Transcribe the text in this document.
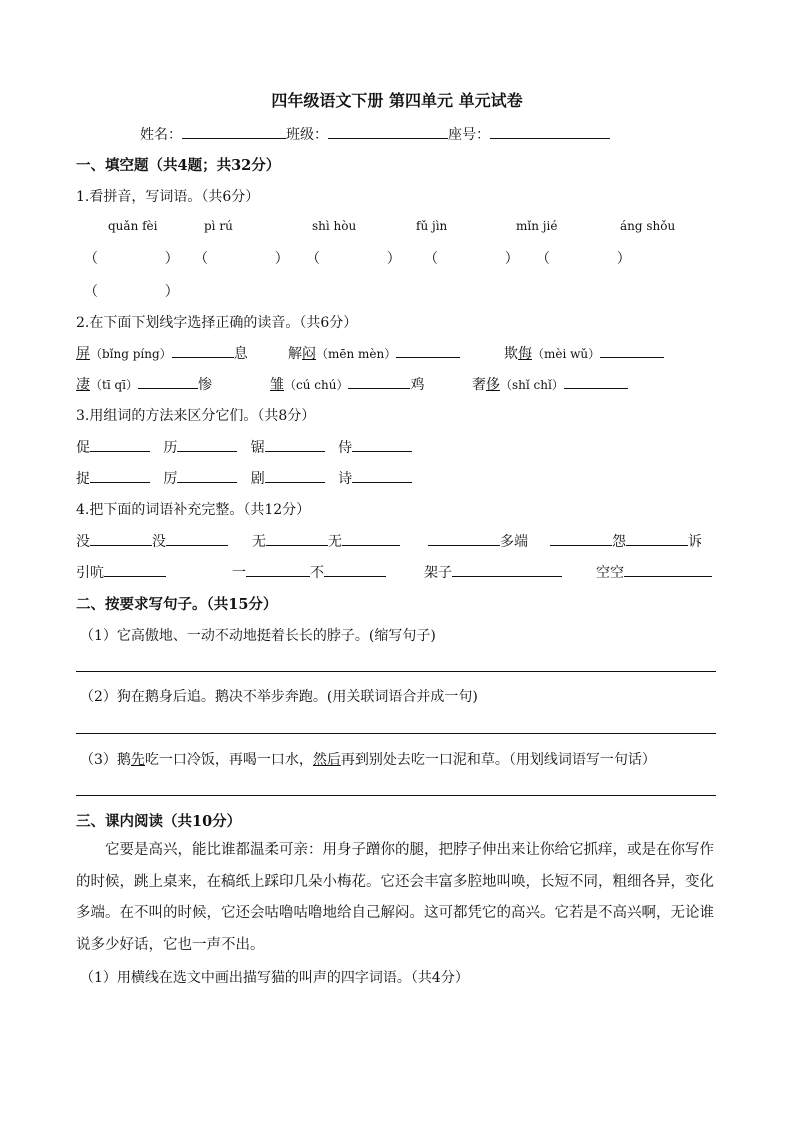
四年级语文下册 第四单元 单元试卷
姓名：	班级：	座号：
一、填空题（共4题；共32分）
1.看拼音，写词语。（共6分）
quǎn fèi	pì rú	shì hòu	fǔ jìn	mǐn jié	áng shǒu
（               ） （               ） （               ） （               ） （               ）
（               ）
2.在下面下划线字选择正确的读音。（共6分）
屏（bǐng píng）	息	解闷（mēn mèn）	欺侮（mèi wǔ）
凄（tī qī）	惨	雏（cú chú）	鸡	奢侈（shǐ chǐ）
3.用组词的方法来区分它们。（共8分）
促	历	锯	侍
捉	厉	剧	诗
4.把下面的词语补充完整。（共12分）
没	没	无	无	多端	怨	诉
引吭	一	不	架子	空空
二、按要求写句子。（共15分）
（1）它高傲地、一动不动地挺着长长的脖子。(缩写句子)
（2）狗在鹅身后追。鹅决不举步奔跑。(用关联词语合并成一句)
（3）鹅先吃一口冷饭，再喝一口水，然后再到别处去吃一口泥和草。（用划线词语写一句话）
三、课内阅读（共10分）
它要是高兴，能比谁都温柔可亲：用身子蹭你的腿，把脖子伸出来让你给它抓痒，或是在你写作的时候，跳上桌来，在稿纸上踩印几朵小梅花。它还会丰富多腔地叫唤，长短不同，粗细各异，变化多端。在不叫的时候，它还会咕噜咕噜地给自己解闷。这可都凭它的高兴。它若是不高兴啊，无论谁说多少好话，它也一声不出。
（1）用横线在选文中画出描写猫的叫声的四字词语。（共4分）
